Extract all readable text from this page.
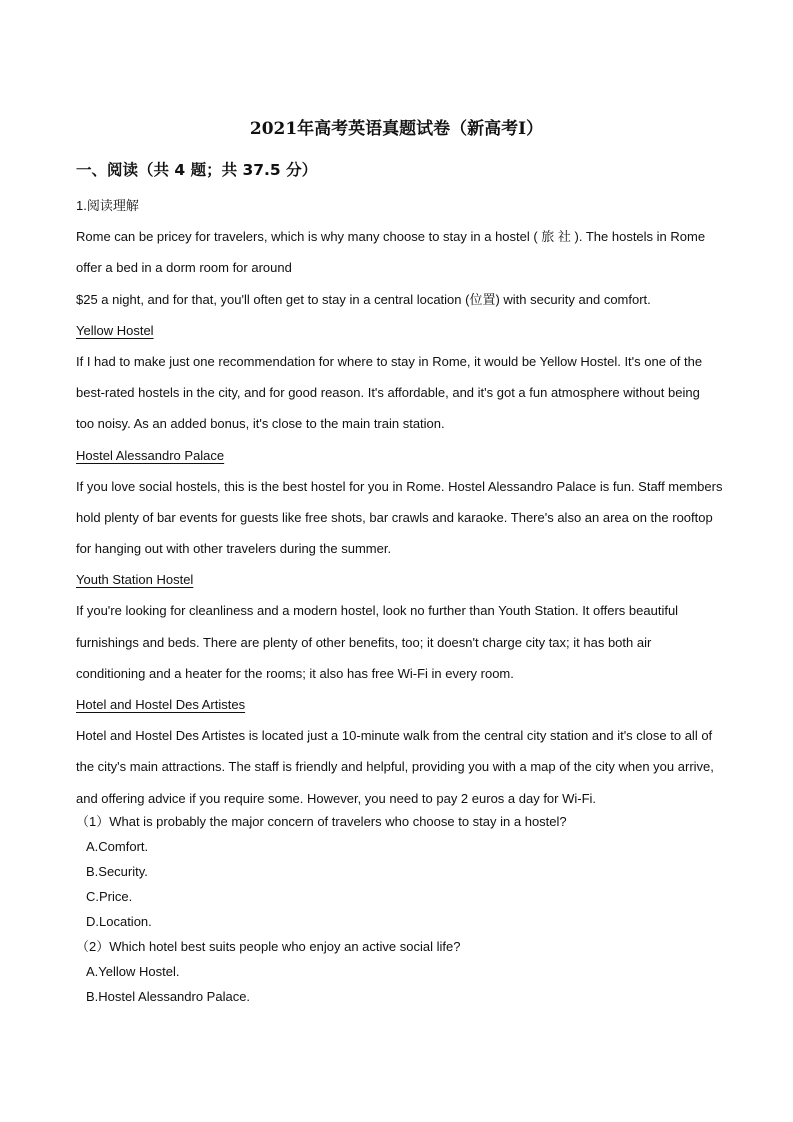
2021年高考英语真题试卷（新高考Ⅰ）
一、阅读（共 4 题；共 37.5 分）
1.阅读理解
Rome can be pricey for travelers, which is why many choose to stay in a hostel ( 旅 社 ). The hostels in Rome
offer a bed in a dorm room for around
$25 a night, and for that, you'll often get to stay in a central location (位置) with security and comfort.
Yellow Hostel
If I had to make just one recommendation for where to stay in Rome, it would be Yellow Hostel. It's one of the
best-rated hostels in the city, and for good reason. It's affordable, and it's got a fun atmosphere without being
too noisy. As an added bonus, it's close to the main train station.
Hostel Alessandro Palace
If you love social hostels, this is the best hostel for you in Rome. Hostel Alessandro Palace is fun. Staff members
hold plenty of bar events for guests like free shots, bar crawls and karaoke. There's also an area on the rooftop
for hanging out with other travelers during the summer.
Youth Station Hostel
If you're looking for cleanliness and a modern hostel, look no further than Youth Station. It offers beautiful
furnishings and beds. There are plenty of other benefits, too; it doesn't charge city tax; it has both air
conditioning and a heater for the rooms; it also has free Wi-Fi in every room.
Hotel and Hostel Des Artistes
Hotel and Hostel Des Artistes is located just a 10-minute walk from the central city station and it's close to all of
the city's main attractions. The staff is friendly and helpful, providing you with a map of the city when you arrive,
and offering advice if you require some. However, you need to pay 2 euros a day for Wi-Fi.
（1）What is probably the major concern of travelers who choose to stay in a hostel?
A.Comfort.
B.Security.
C.Price.
D.Location.
（2）Which hotel best suits people who enjoy an active social life?
A.Yellow Hostel.
B.Hostel Alessandro Palace.
